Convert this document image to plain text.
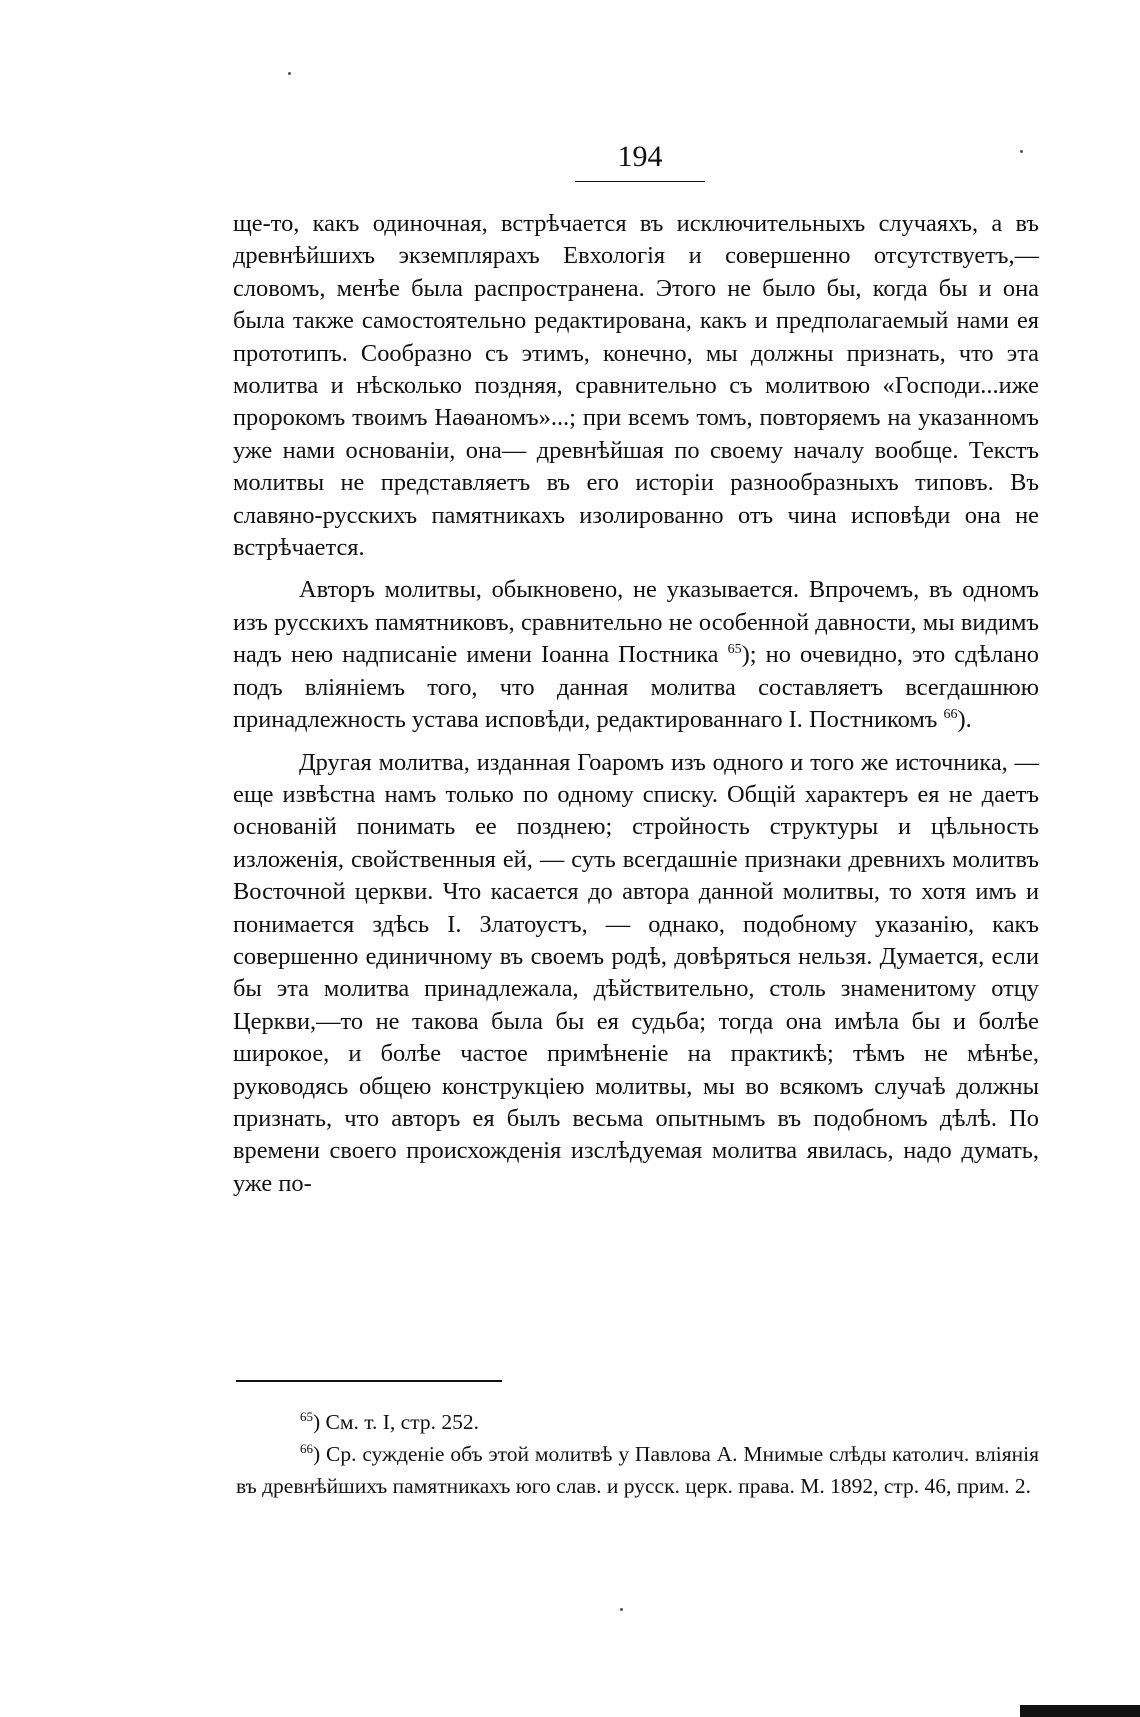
194

ще-то, какъ одиночная, встрѣчается въ исключительныхъ случаяхъ, а въ древнѣйшихъ экземплярахъ Евхологія и совершенно отсутствуетъ,—словомъ, менѣе была распространена. Этого не было бы, когда бы и она была также самостоятельно редактирована, какъ и предполагаемый нами ея прототипъ. Сообразно съ этимъ, конечно, мы должны признать, что эта молитва и нѣсколько поздняя, сравнительно съ молитвою «Господи...иже пророкомъ твоимъ Наѳаномъ»...; при всемъ томъ, повторяемъ на указанномъ уже нами основаніи, она— древнѣйшая по своему началу вообще. Текстъ молитвы не представляетъ въ его исторіи разнообразныхъ типовъ. Въ славяно-русскихъ памятникахъ изолированно отъ чина исповѣди она не встрѣчается.

Авторъ молитвы, обыкновено, не указывается. Впрочемъ, въ одномъ изъ русскихъ памятниковъ, сравнительно не особенной давности, мы видимъ надъ нею надписаніе имени Іоанна Постника $^{65}$); но очевидно, это сдѣлано подъ вліяніемъ того, что данная молитва составляетъ всегдашнюю принадлежность устава исповѣди, редактированнаго І. Постникомъ $^{66}$).

Другая молитва, изданная Гоаромъ изъ одного и того же источника, — еще извѣстна намъ только по одному списку. Общій характеръ ея не даетъ основаній понимать ее позднею; стройность структуры и цѣльность изложенія, свойственныя ей, — суть всегдашніе признаки древнихъ молитвъ Восточной церкви. Что касается до автора данной молитвы, то хотя имъ и понимается здѣсь І. Златоустъ, — однако, подобному указанію, какъ совершенно единичному въ своемъ родѣ, довѣряться нельзя. Думается, если бы эта молитва принадлежала, дѣйствительно, столь знаменитому отцу Церкви,—то не такова была бы ея судьба; тогда она имѣла бы и болѣе широкое, и болѣе частое примѣненіе на практикѣ; тѣмъ не мѣнѣе, руководясь общею конструкціею молитвы, мы во всякомъ случаѣ должны признать, что авторъ ея былъ весьма опытнымъ въ подобномъ дѣлѣ. По времени своего происхожденія изслѣдуемая молитва явилась, надо думать, уже по-

$^{65}$) См. т. І, стр. 252.

$^{66}$) Ср. сужденіе объ этой молитвѣ у Павлова А. Мнимые слѣды католич. вліянія въ древнѣйшихъ памятникахъ юго слав. и русск. церк. права. М. 1892, стр. 46, прим. 2.
